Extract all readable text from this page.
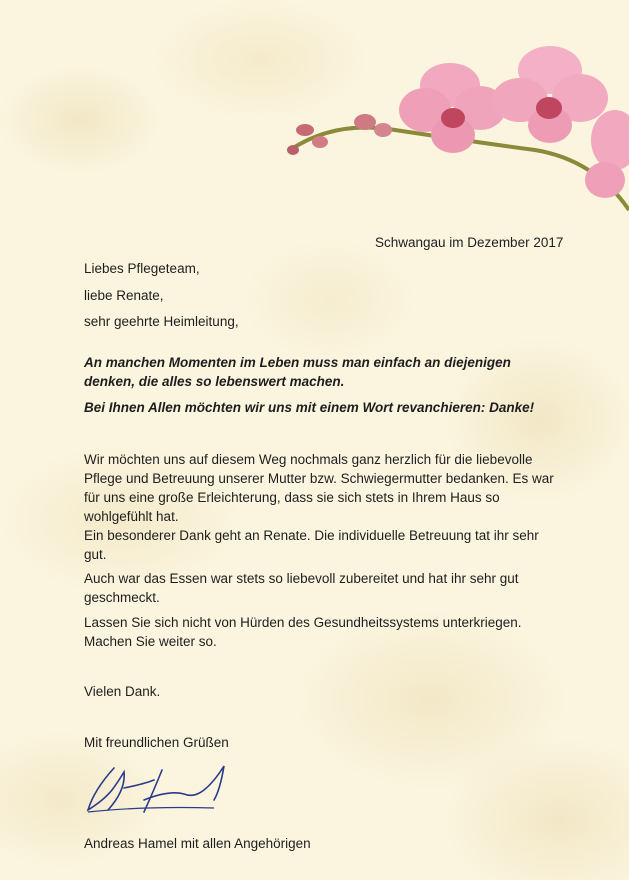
Schwangau im Dezember 2017

Liebes Pflegeteam,

liebe Renate,

sehr geehrte Heimleitung,

An manchen Momenten im Leben muss man einfach an diejenigen

denken, die alles so lebenswert machen.

Bei Ihnen Allen möchten wir uns mit einem Wort revanchieren: Danke!

Wir möchten uns auf diesem Weg nochmals ganz herzlich für die liebevolle

Pflege und Betreuung unserer Mutter bzw. Schwiegermutter bedanken. Es war

für uns eine große Erleichterung, dass sie sich stets in Ihrem Haus so

wohlgefühlt hat.

Ein besonderer Dank geht an Renate. Die individuelle Betreuung tat ihr sehr

gut.

Auch war das Essen war stets so liebevoll zubereitet und hat ihr sehr gut

geschmeckt.

Lassen Sie sich nicht von Hürden des Gesundheitssystems unterkriegen.

Machen Sie weiter so.

Vielen Dank.

Mit freundlichen Grüßen

Andreas Hamel mit allen Angehörigen
